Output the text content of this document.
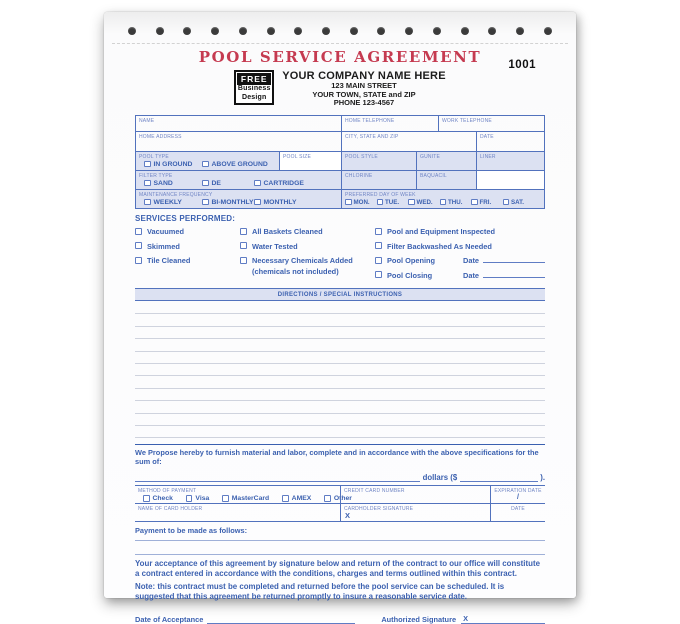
1001
POOL SERVICE AGREEMENT
FREE
Business
Design
YOUR COMPANY NAME HERE
123 MAIN STREET
YOUR TOWN, STATE and ZIP
PHONE 123-4567
NAME	HOME TELEPHONE	WORK TELEPHONE
HOME ADDRESS	CITY, STATE AND ZIP	DATE
POOL TYPE
IN GROUND	ABOVE GROUND
POOL SIZE	POOL STYLE	GUNITE	LINER
FILTER TYPE
SAND	DE	CARTRIDGE
CHLORINE	BAQUACIL
MAINTENANCE FREQUENCY
WEEKLY	BI-MONTHLY MONTHLY
PREFERRED DAY OF WEEK
MON. TUE.	WED. THU.	FRI.	SAT.
SERVICES PERFORMED:
Vacuumed
Skimmed
Tile Cleaned
All Baskets Cleaned
Water Tested
Necessary Chemicals Added
(chemicals not included)
Pool and Equipment Inspected
Filter Backwashed As Needed
Pool Opening	Date
Pool Closing	Date
DIRECTIONS / SPECIAL INSTRUCTIONS
We Propose hereby to furnish material and labor, complete and in accordance with the above specifications for the sum of:
dollars ($	).
METHOD OF PAYMENT
Check	Visa	MasterCard	AMEX	Other
CREDIT CARD NUMBER	EXPIRATION DATE
/
NAME OF CARD HOLDER	CARDHOLDER SIGNATURE
X
DATE
Payment to be made as follows:
Your acceptance of this agreement by signature below and return of the contract to our office will constitute a contract entered in accordance with the conditions, charges and terms outlined within this contract.
Note: this contract must be completed and returned before the pool service can be scheduled. It is suggested that this agreement be returned promptly to insure a reasonable service date.
Date of Acceptance	Authorized Signature X
